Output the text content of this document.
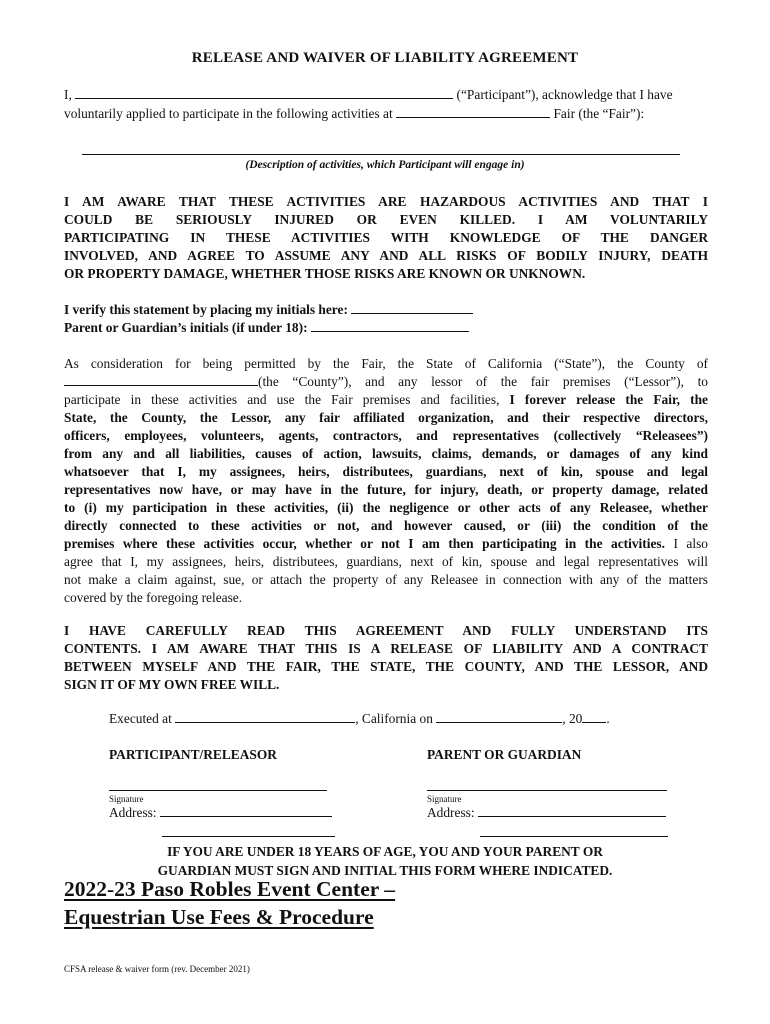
RELEASE AND WAIVER OF LIABILITY AGREEMENT
I,	(“Participant”), acknowledge that I have
voluntarily applied to participate in the following activities at	Fair (the “Fair”):
(Description of activities, which Participant will engage in)
I AM AWARE THAT THESE ACTIVITIES ARE HAZARDOUS ACTIVITIES AND THAT I
COULD BE SERIOUSLY INJURED OR EVEN KILLED. I AM VOLUNTARILY
PARTICIPATING IN THESE ACTIVITIES WITH KNOWLEDGE OF THE DANGER
INVOLVED, AND AGREE TO ASSUME ANY AND ALL RISKS OF BODILY INJURY, DEATH
OR PROPERTY DAMAGE, WHETHER THOSE RISKS ARE KNOWN OR UNKNOWN.
I verify this statement by placing my initials here:
Parent or Guardian’s initials (if under 18):
As consideration for being permitted by the Fair, the State of California (“State”), the County of
(the “County”), and any lessor of the fair premises (“Lessor”), to
participate in these activities and use the Fair premises and facilities, I forever release the Fair, the
State, the County, the Lessor, any fair affiliated organization, and their respective directors,
officers, employees, volunteers, agents, contractors, and representatives (collectively “Releasees”)
from any and all liabilities, causes of action, lawsuits, claims, demands, or damages of any kind
whatsoever that I, my assignees, heirs, distributees, guardians, next of kin, spouse and legal
representatives now have, or may have in the future, for injury, death, or property damage, related
to (i) my participation in these activities, (ii) the negligence or other acts of any Releasee, whether
directly connected to these activities or not, and however caused, or (iii) the condition of the
premises where these activities occur, whether or not I am then participating in the activities. I also
agree that I, my assignees, heirs, distributees, guardians, next of kin, spouse and legal representatives will
not make a claim against, sue, or attach the property of any Releasee in connection with any of the matters
covered by the foregoing release.
I HAVE CAREFULLY READ THIS AGREEMENT AND FULLY UNDERSTAND ITS
CONTENTS. I AM AWARE THAT THIS IS A RELEASE OF LIABILITY AND A CONTRACT
BETWEEN MYSELF AND THE FAIR, THE STATE, THE COUNTY, AND THE LESSOR, AND
SIGN IT OF MY OWN FREE WILL.
Executed at	, California on	, 20 .
PARTICIPANT/RELEASOR	PARENT OR GUARDIAN
Signature	Signature
Address:	Address:
IF YOU ARE UNDER 18 YEARS OF AGE, YOU AND YOUR PARENT OR
GUARDIAN MUST SIGN AND INITIAL THIS FORM WHERE INDICATED.
2022-23 Paso Robles Event Center –
Equestrian Use Fees & Procedure
CFSA release & waiver form (rev. December 2021)
